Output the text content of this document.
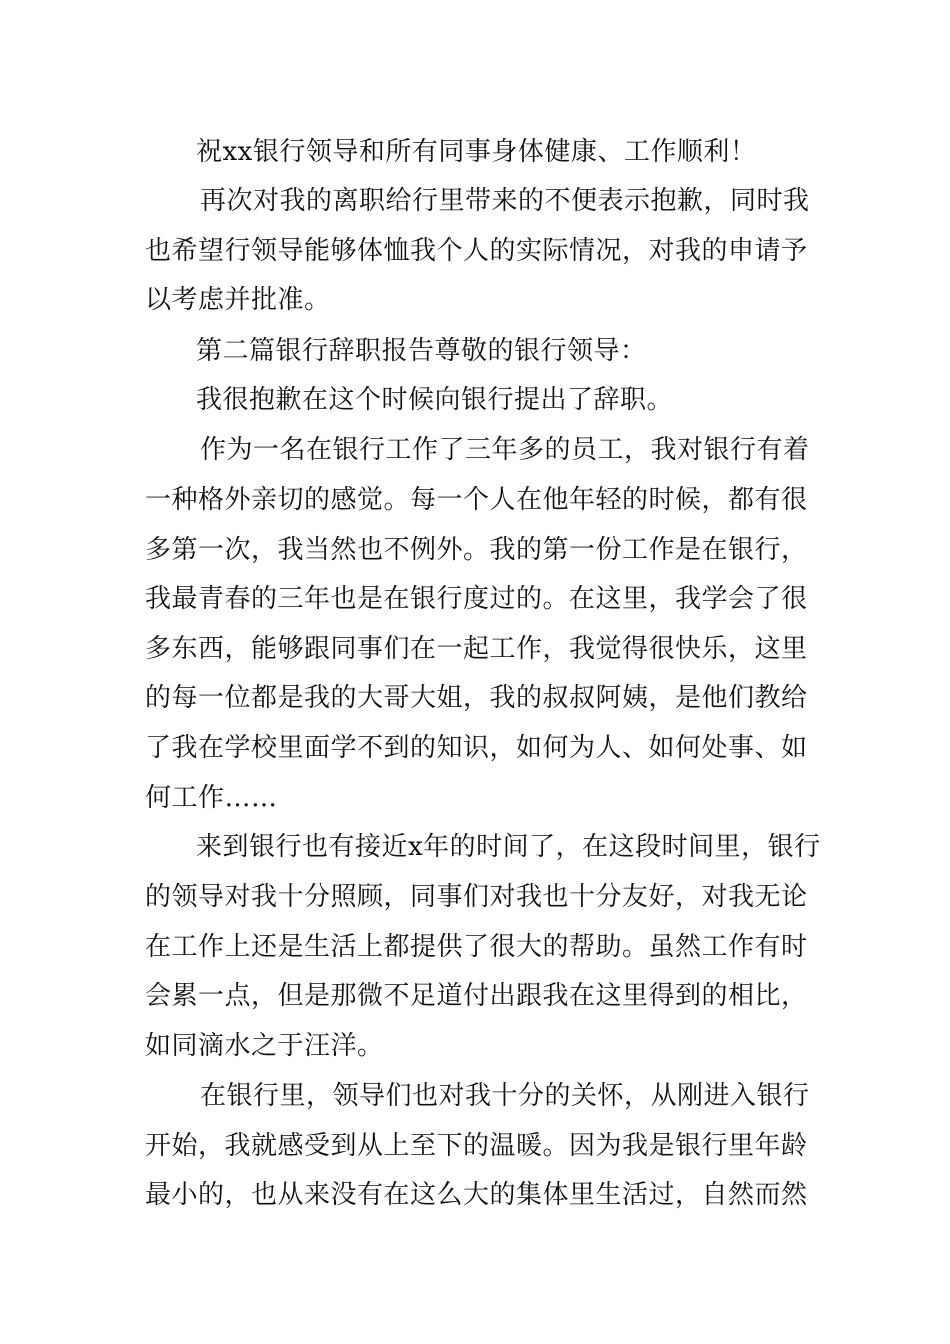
祝xx银行领导和所有同事身体健康、工作顺利！

再次对我的离职给行里带来的不便表示抱歉，同时我

也希望行领导能够体恤我个人的实际情况，对我的申请予

以考虑并批准。

第二篇银行辞职报告尊敬的银行领导：

我很抱歉在这个时候向银行提出了辞职。

作为一名在银行工作了三年多的员工，我对银行有着

一种格外亲切的感觉。每一个人在他年轻的时候，都有很

多第一次，我当然也不例外。我的第一份工作是在银行，

我最青春的三年也是在银行度过的。在这里，我学会了很

多东西，能够跟同事们在一起工作，我觉得很快乐，这里

的每一位都是我的大哥大姐，我的叔叔阿姨，是他们教给

了我在学校里面学不到的知识，如何为人、如何处事、如

何工作……

来到银行也有接近x年的时间了，在这段时间里，银行

的领导对我十分照顾，同事们对我也十分友好，对我无论

在工作上还是生活上都提供了很大的帮助。虽然工作有时

会累一点，但是那微不足道付出跟我在这里得到的相比，

如同滴水之于汪洋。

在银行里，领导们也对我十分的关怀，从刚进入银行

开始，我就感受到从上至下的温暖。因为我是银行里年龄

最小的，也从来没有在这么大的集体里生活过，自然而然
